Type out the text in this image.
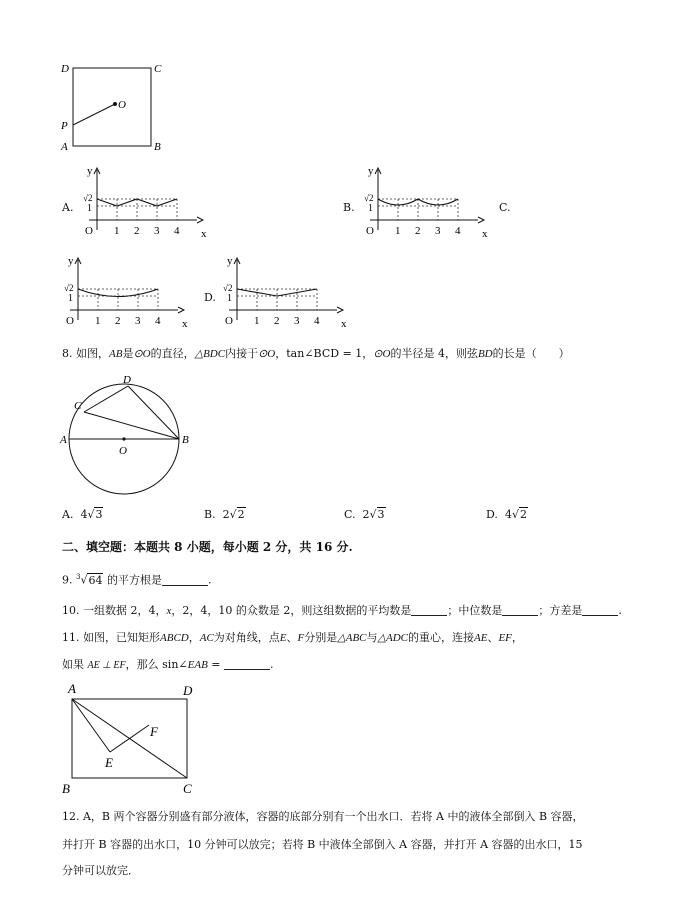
D	C
P
O
A	B
A.	B.	C.
D.
y
x
O
√2
1
1 2 3 4
y
x
O
√2
1
1 2 3 4
y
x
O
√2
1
1 2 3 4
y
x
O
√2
1
1 2 3 4
8. 如图，AB是⊙O的直径，△BDC内接于⊙O，tan∠BCD = 1，⊙O的半径是 4，则弦BD的长是（　　）
A	B
C
D
O
A. 4√3	B. 2√2	C. 2√3	D. 4√2
二、填空题：本题共 8 小题，每小题 2 分，共 16 分.
9. $^3$√64 的平方根是	.
10. 一组数据 2，4，x，2，4，10 的众数是 2，则这组数据的平均数是	；中位数是	；方差是	.
11. 如图，已知矩形ABCD，AC为对角线，点E、F分别是△ABC与△ADC的重心，连接AE、EF，
如果 AE ⊥ EF，那么 sin∠EAB =	.
A	D
B	C
E
F
12. A，B 两个容器分别盛有部分液体，容器的底部分别有一个出水口．若将 A 中的液体全部倒入 B 容器，
并打开 B 容器的出水口，10 分钟可以放完；若将 B 中液体全部倒入 A 容器，并打开 A 容器的出水口，15
分钟可以放完．
